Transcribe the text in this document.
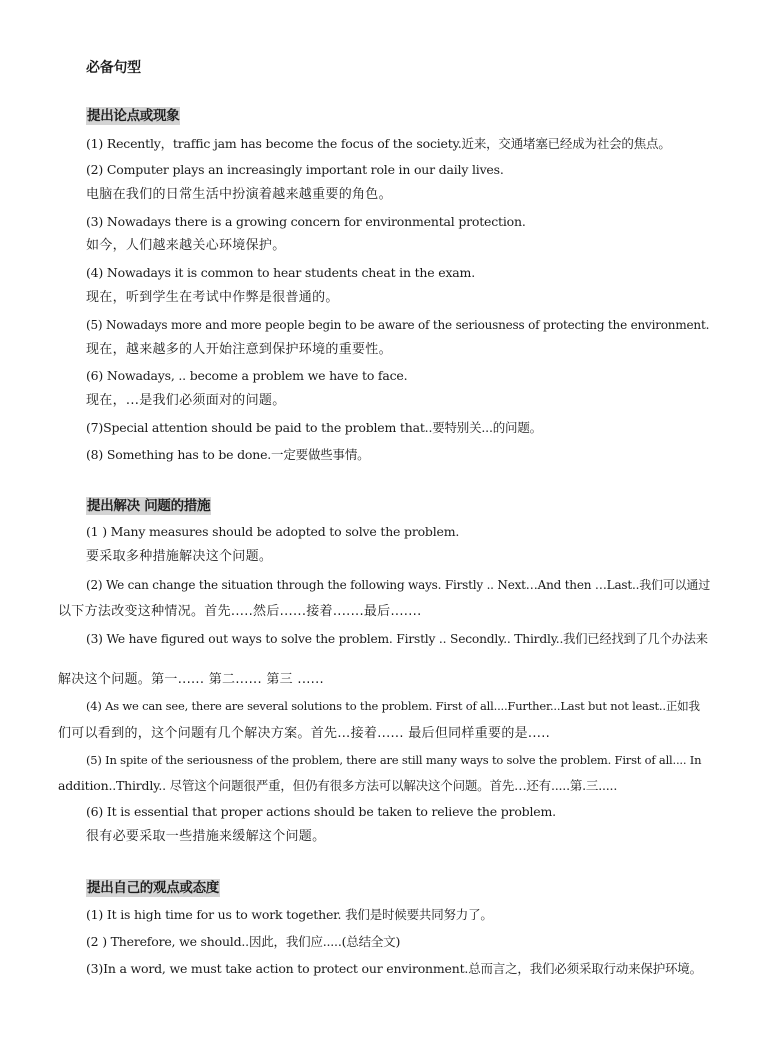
必备句型
提出论点或现象
(1) Recently，traffic jam has become the focus of the society.近来，交通堵塞已经成为社会的焦点。
(2) Computer plays an increasingly important role in our daily lives.
电脑在我们的日常生活中扮演着越来越重要的角色。
(3) Nowadays there is a growing concern for environmental protection.
如今，人们越来越关心环境保护。
(4) Nowadays it is common to hear students cheat in the exam.
现在，听到学生在考试中作弊是很普通的。
(5) Nowadays more and more people begin to be aware of the seriousness of protecting the environment.
现在，越来越多的人开始注意到保护环境的重要性。
(6) Nowadays, .. become a problem we have to face.
现在，...是我们必须面对的问题。
(7)Special attention should be paid to the problem that..要特别关...的问题。
(8) Something has to be done.一定要做些事情。
提出解决 问题的措施
(1 ) Many measures should be adopted to solve the problem.
要采取多种措施解决这个问题。
(2) We can change the situation through the following ways. Firstly .. Next…And then …Last..我们可以通过
以下方法改变这种情况。首先.....然后......接着.......最后.......
(3) We have figured out ways to solve the problem. Firstly .. Secondly.. Thirdly..我们已经找到了几个办法来
解决这个问题。第一...... 第二...... 第三 ......
(4) As we can see, there are several solutions to the problem. First of all....Further...Last but not least..正如我
们可以看到的，这个问题有几个解决方案。首先…接着...... 最后但同样重要的是.....
(5) In spite of the seriousness of the problem, there are still many ways to solve the problem. First of all.... In
addition..Thirdly.. 尽管这个问题很严重，但仍有很多方法可以解决这个问题。首先…还有.....第.三.....
(6) It is essential that proper actions should be taken to relieve the problem.
很有必要采取一些措施来缓解这个问题。
提出自己的观点或态度
(1) It is high time for us to work together. 我们是时候要共同努力了。
(2 ) Therefore, we should..因此，我们应.....(总结全文)
(3)In a word, we must take action to protect our environment.总而言之，我们必须采取行动来保护环境。
